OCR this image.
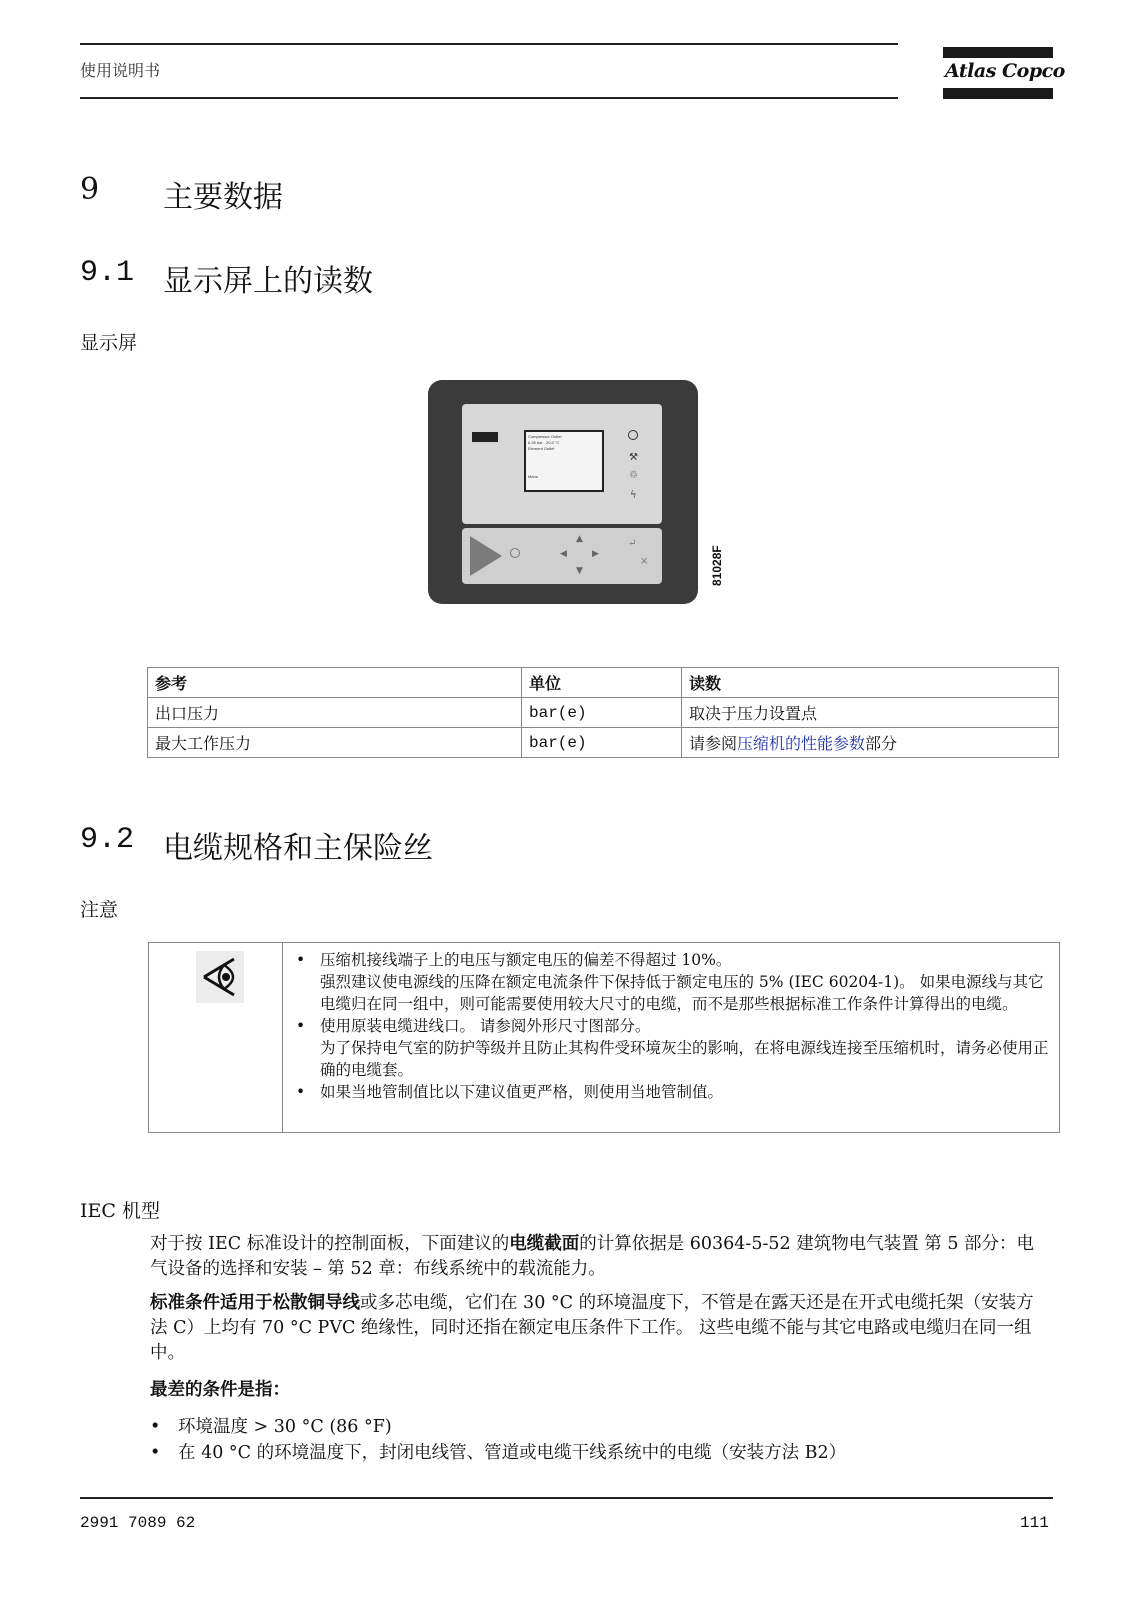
使用说明书	Atlas Copco
9 主要数据
9.1 显示屏上的读数
显示屏
Compressor Outlet
6.28 bar 20.0 °C
Element Outlet
Menu
⚒
♲
ϟ
▲
◀	▶
▼
↵
×	81028F
参考	单位	读数
出口压力	bar(e)	取决于压力设置点
最大工作压力	bar(e)	请参阅压缩机的性能参数部分
9.2 电缆规格和主保险丝
注意
• 压缩机接线端子上的电压与额定电压的偏差不得超过 10%。
强烈建议使电源线的压降在额定电流条件下保持低于额定电压的 5% (IEC 60204-1)。 如果电源线与其它电缆归在同一组中，则可能需要使用较大尺寸的电缆，而不是那些根据标准工作条件计算得出的电缆。
• 使用原装电缆进线口。 请参阅外形尺寸图部分。
为了保持电气室的防护等级并且防止其构件受环境灰尘的影响，在将电源线连接至压缩机时，请务必使用正确的电缆套。
• 如果当地管制值比以下建议值更严格，则使用当地管制值。
IEC 机型

对于按 IEC 标准设计的控制面板，下面建议的电缆截面的计算依据是 60364-5-52 建筑物电气装置 第 5 部分：电气设备的选择和安装 – 第 52 章：布线系统中的载流能力。

标准条件适用于松散铜导线或多芯电缆，它们在 30 °C 的环境温度下，不管是在露天还是在开式电缆托架（安装方法 C）上均有 70 °C PVC 绝缘性，同时还指在额定电压条件下工作。 这些电缆不能与其它电路或电缆归在同一组中。

最差的条件是指：

• 环境温度 > 30 °C (86 °F)
• 在 40 °C 的环境温度下，封闭电线管、管道或电缆干线系统中的电缆（安装方法 B2）
2991 7089 62	111
